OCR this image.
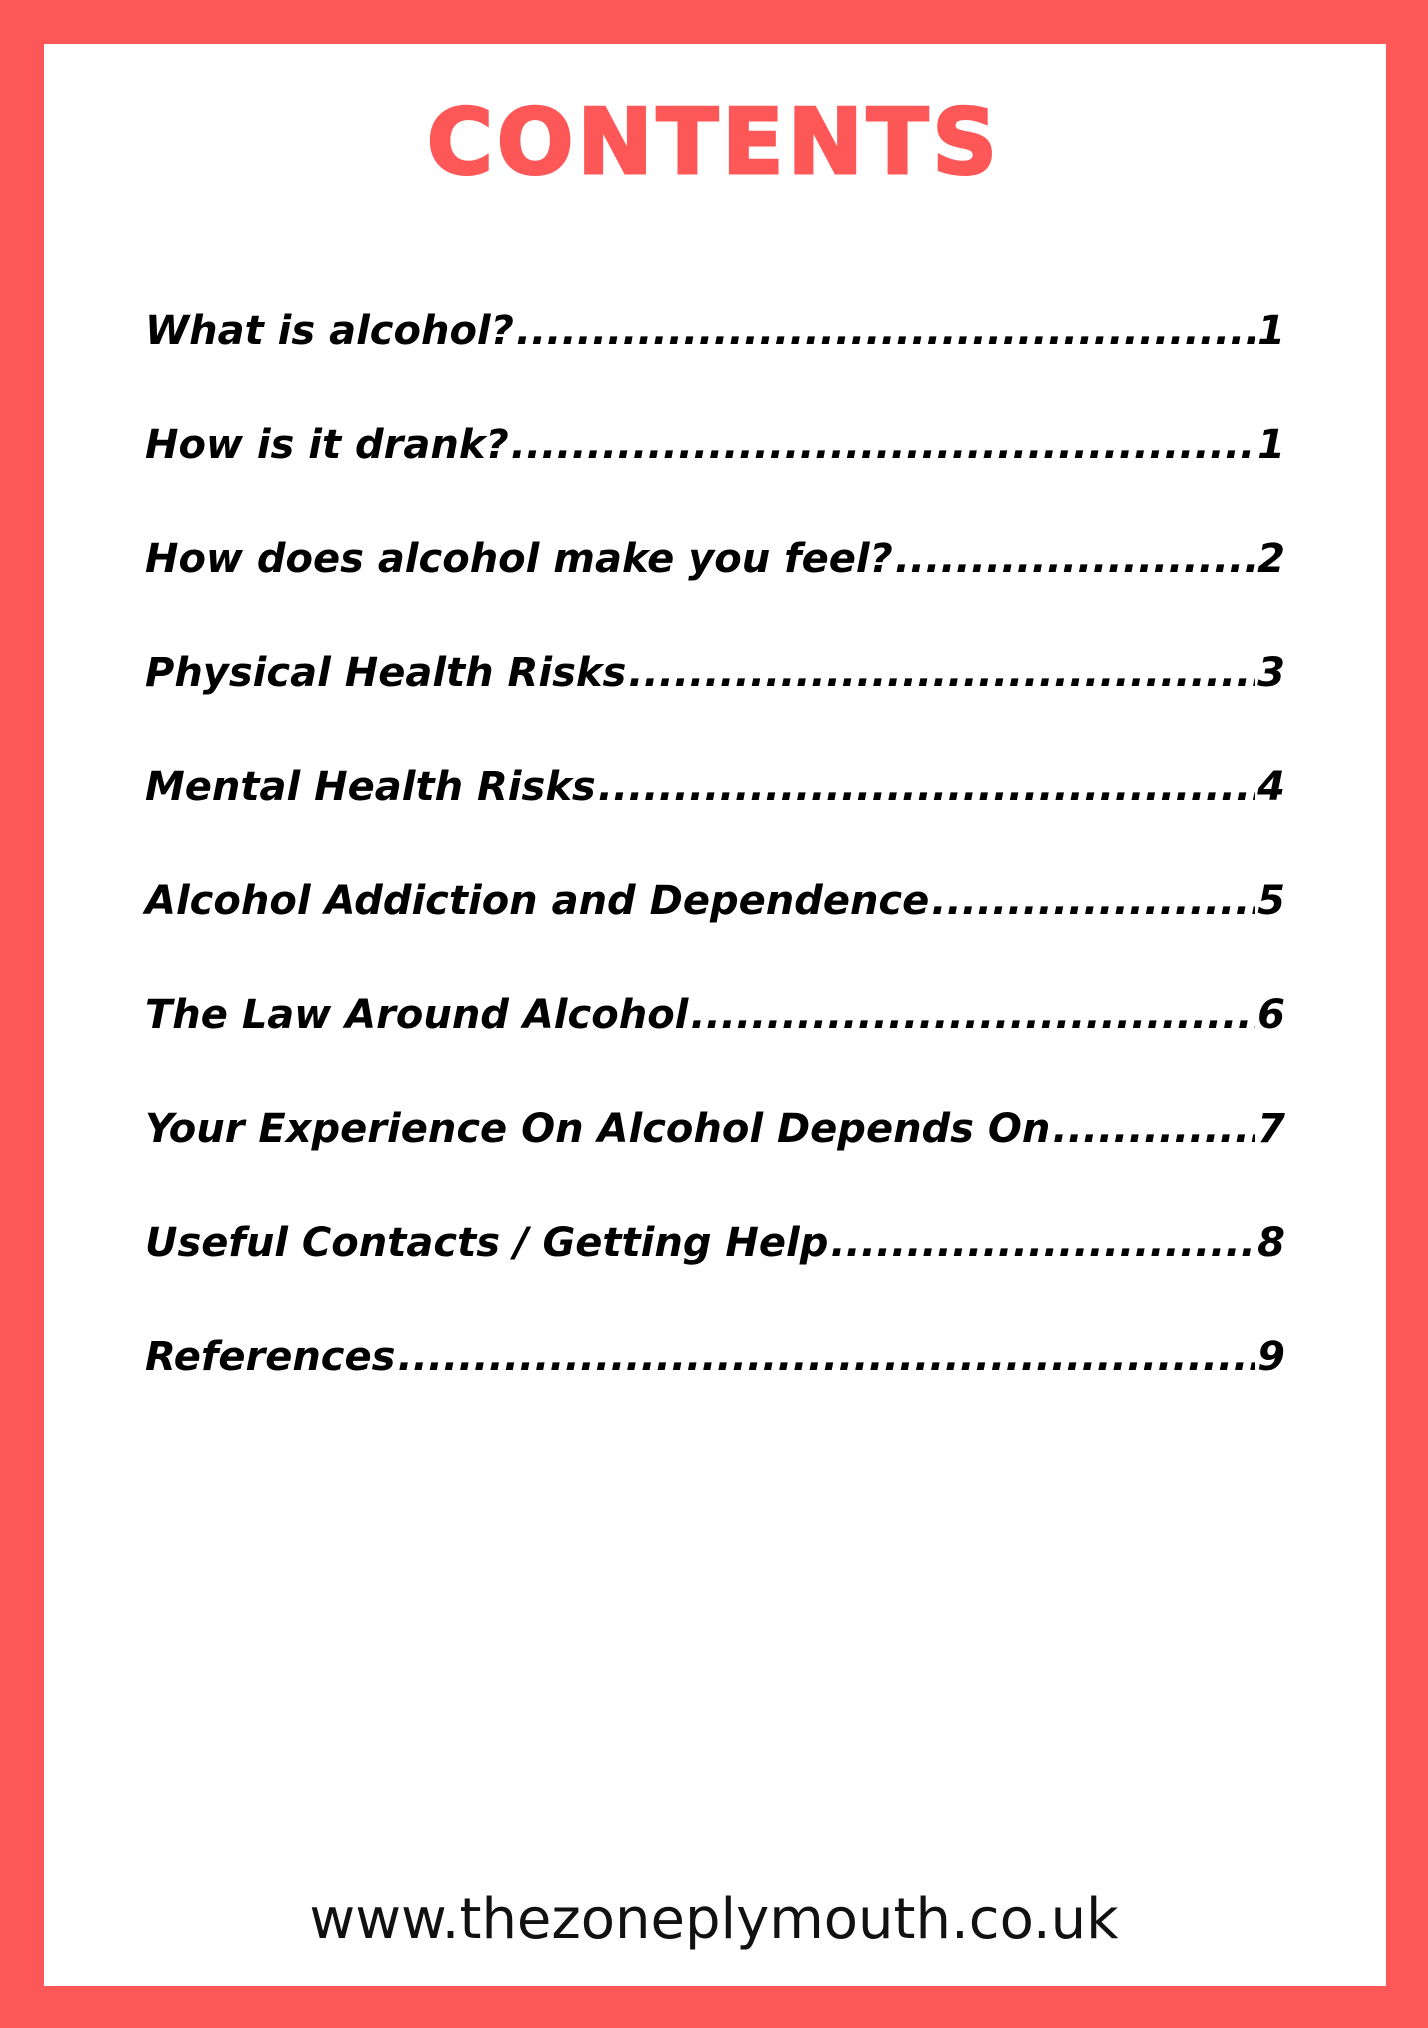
CONTENTS
What is alcohol? .....	1
How is it drank? .....	1
How does alcohol make you feel? .....	2
Physical Health Risks .....	3
Mental Health Risks .....	4
Alcohol Addiction and Dependence .....	5
The Law Around Alcohol .....	6
Your Experience On Alcohol Depends On .....	7
Useful Contacts / Getting Help .....	8
References .....	9
www.thezoneplymouth.co.uk
